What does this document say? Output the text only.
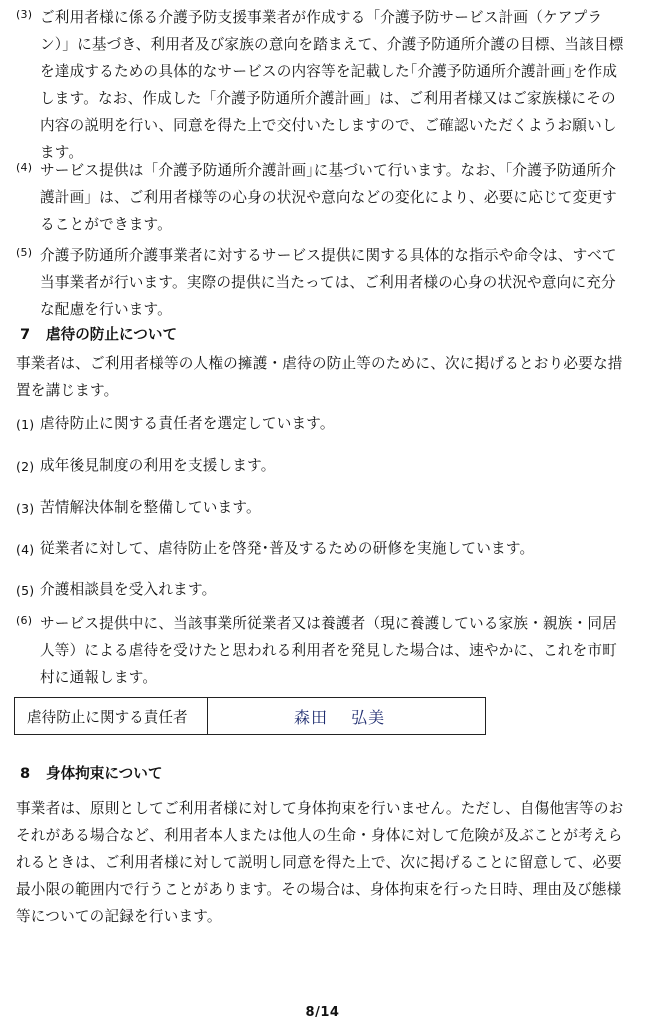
(3) ご利用者様に係る介護予防支援事業者が作成する「介護予防サービス計画（ケアプラン）」に基づき、利用者及び家族の意向を踏まえて、介護予防通所介護の目標、当該目標を達成するための具体的なサービスの内容等を記載した｢介護予防通所介護計画｣を作成します。なお、作成した「介護予防通所介護計画」は、ご利用者様又はご家族様にその内容の説明を行い、同意を得た上で交付いたしますので、ご確認いただくようお願いします。
(4) サービス提供は「介護予防通所介護計画｣に基づいて行います。なお、「介護予防通所介護計画」は、ご利用者様等の心身の状況や意向などの変化により、必要に応じて変更することができます。
(5) 介護予防通所介護事業者に対するサービス提供に関する具体的な指示や命令は、すべて当事業者が行います。実際の提供に当たっては、ご利用者様の心身の状況や意向に充分な配慮を行います。
7 虐待の防止について
事業者は、ご利用者様等の人権の擁護・虐待の防止等のために、次に掲げるとおり必要な措置を講じます。
(1) 虐待防止に関する責任者を選定しています。
(2) 成年後見制度の利用を支援します。
(3) 苦情解決体制を整備しています。
(4) 従業者に対して、虐待防止を啓発･普及するための研修を実施しています。
(5) 介護相談員を受入れます。
(6) サービス提供中に、当該事業所従業者又は養護者（現に養護している家族・親族・同居人等）による虐待を受けたと思われる利用者を発見した場合は、速やかに、これを市町村に通報します。
虐待防止に関する責任者	森田　 弘美
8 身体拘束について
事業者は、原則としてご利用者様に対して身体拘束を行いません。ただし、自傷他害等のおそれがある場合など、利用者本人または他人の生命・身体に対して危険が及ぶことが考えられるときは、ご利用者様に対して説明し同意を得た上で、次に掲げることに留意して、必要最小限の範囲内で行うことがあります。その場合は、身体拘束を行った日時、理由及び態様等についての記録を行います。
8/14
